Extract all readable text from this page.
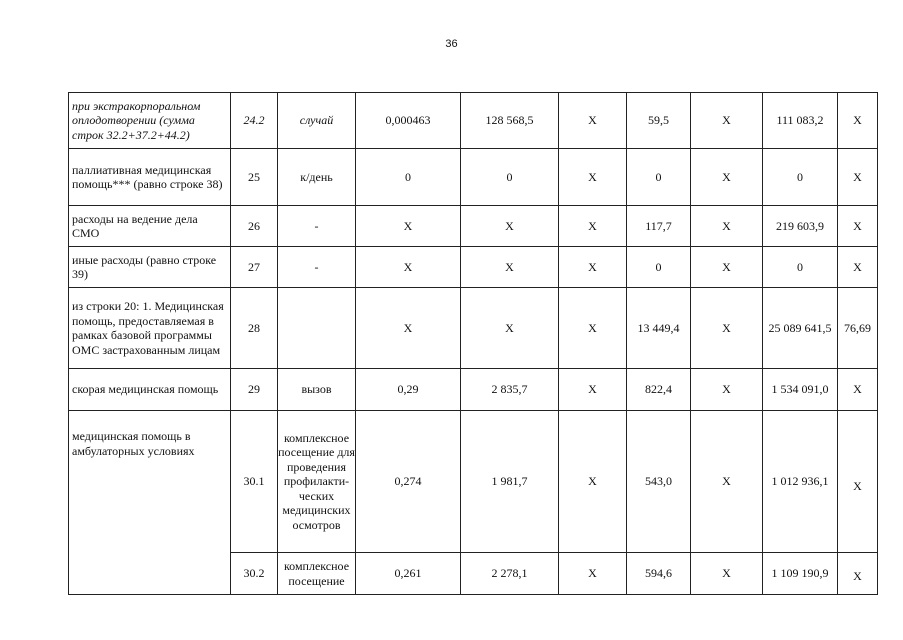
36
при экстракорпоральном оплодотворении (сумма строк 32.2+37.2+44.2)	24.2	случай	0,000463	128 568,5	X	59,5	X	111 083,2	X
паллиативная медицинская помощь*** (равно строке 38)	25	к/день	0	0	X	0	X	0	X
расходы на ведение дела СМО	26	-	X	X	X	117,7	X	219 603,9	X
иные расходы (равно строке 39)	27	-	X	X	X	0	X	0	X
из строки 20: 1. Медицинская помощь, предоставляемая в рамках базовой программы ОМС застрахованным лицам	28		X	X	X	13 449,4	X	25 089 641,5	76,69
скорая медицинская помощь	29	вызов	0,29	2 835,7	X	822,4	X	1 534 091,0	X
медицинская помощь в амбулаторных условиях	30.1	комплексное посещение для проведения профилакти-ческих медицинских осмотров	0,274	1 981,7	X	543,0	X	1 012 936,1	X
	30.2	комплексное посещение	0,261	2 278,1	X	594,6	X	1 109 190,9	X
